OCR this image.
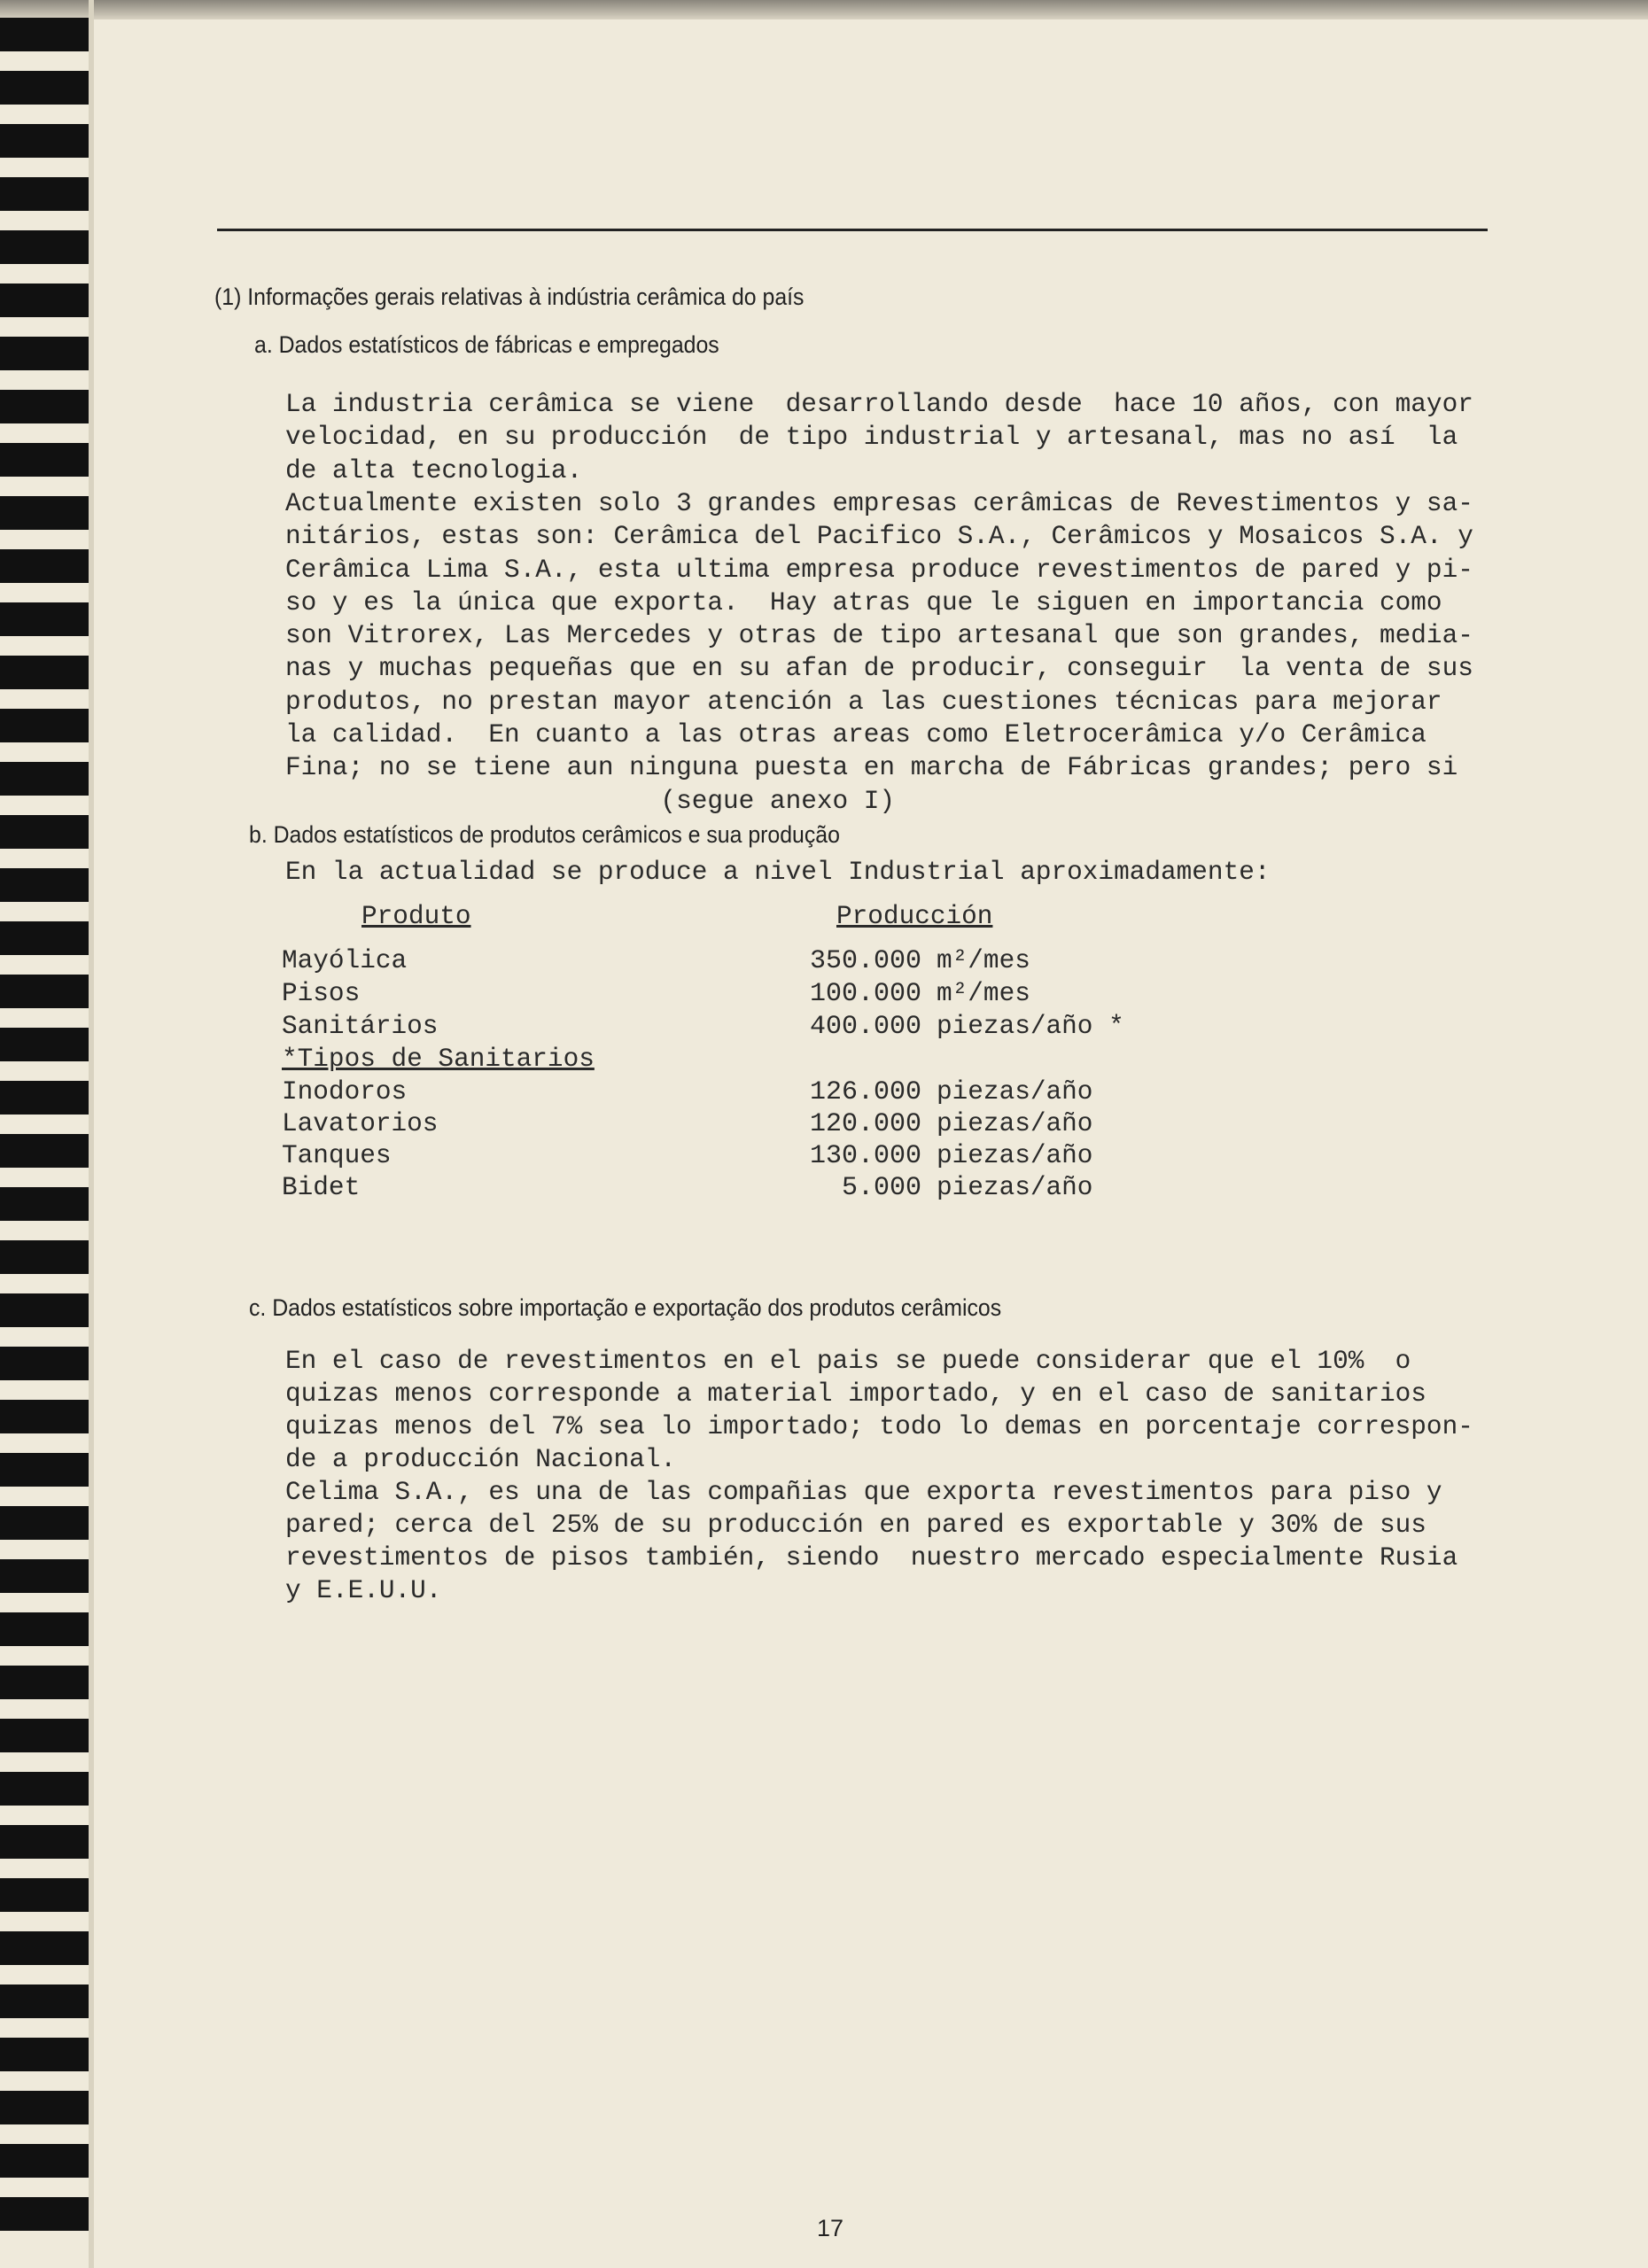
(1) Informações gerais relativas à indústria cerâmica do país
a. Dados estatísticos de fábricas e empregados
La industria cerâmica se viene  desarrollando desde  hace 10 años, con mayor
velocidad, en su producción  de tipo industrial y artesanal, mas no así  la
de alta tecnologia.
Actualmente existen solo 3 grandes empresas cerâmicas de Revestimentos y sa-
nitários, estas son: Cerâmica del Pacifico S.A., Cerâmicos y Mosaicos S.A. y
Cerâmica Lima S.A., esta ultima empresa produce revestimentos de pared y pi-
so y es la única que exporta.  Hay atras que le siguen en importancia como
son Vitrorex, Las Mercedes y otras de tipo artesanal que son grandes, media-
nas y muchas pequeñas que en su afan de producir, conseguir  la venta de sus
produtos, no prestan mayor atención a las cuestiones técnicas para mejorar
la calidad.  En cuanto a las otras areas como Eletrocerâmica y/o Cerâmica
Fina; no se tiene aun ninguna puesta en marcha de Fábricas grandes; pero si
(segue anexo I)
b. Dados estatísticos de produtos cerâmicos e sua produção
En la actualidad se produce a nivel Industrial aproximadamente:
Produto	Producción
Mayólica	350.000 m²/mes
Pisos	100.000 m²/mes
Sanitários	400.000 piezas/año *
*Tipos de Sanitarios
Inodoros	126.000 piezas/año
Lavatorios	120.000 piezas/año
Tanques	130.000 piezas/año
Bidet	5.000 piezas/año
c. Dados estatísticos sobre importação e exportação dos produtos cerâmicos
En el caso de revestimentos en el pais se puede considerar que el 10%  o
quizas menos corresponde a material importado, y en el caso de sanitarios
quizas menos del 7% sea lo importado; todo lo demas en porcentaje correspon-
de a producción Nacional.
Celima S.A., es una de las compañias que exporta revestimentos para piso y
pared; cerca del 25% de su producción en pared es exportable y 30% de sus
revestimentos de pisos también, siendo  nuestro mercado especialmente Rusia
y E.E.U.U.
17
